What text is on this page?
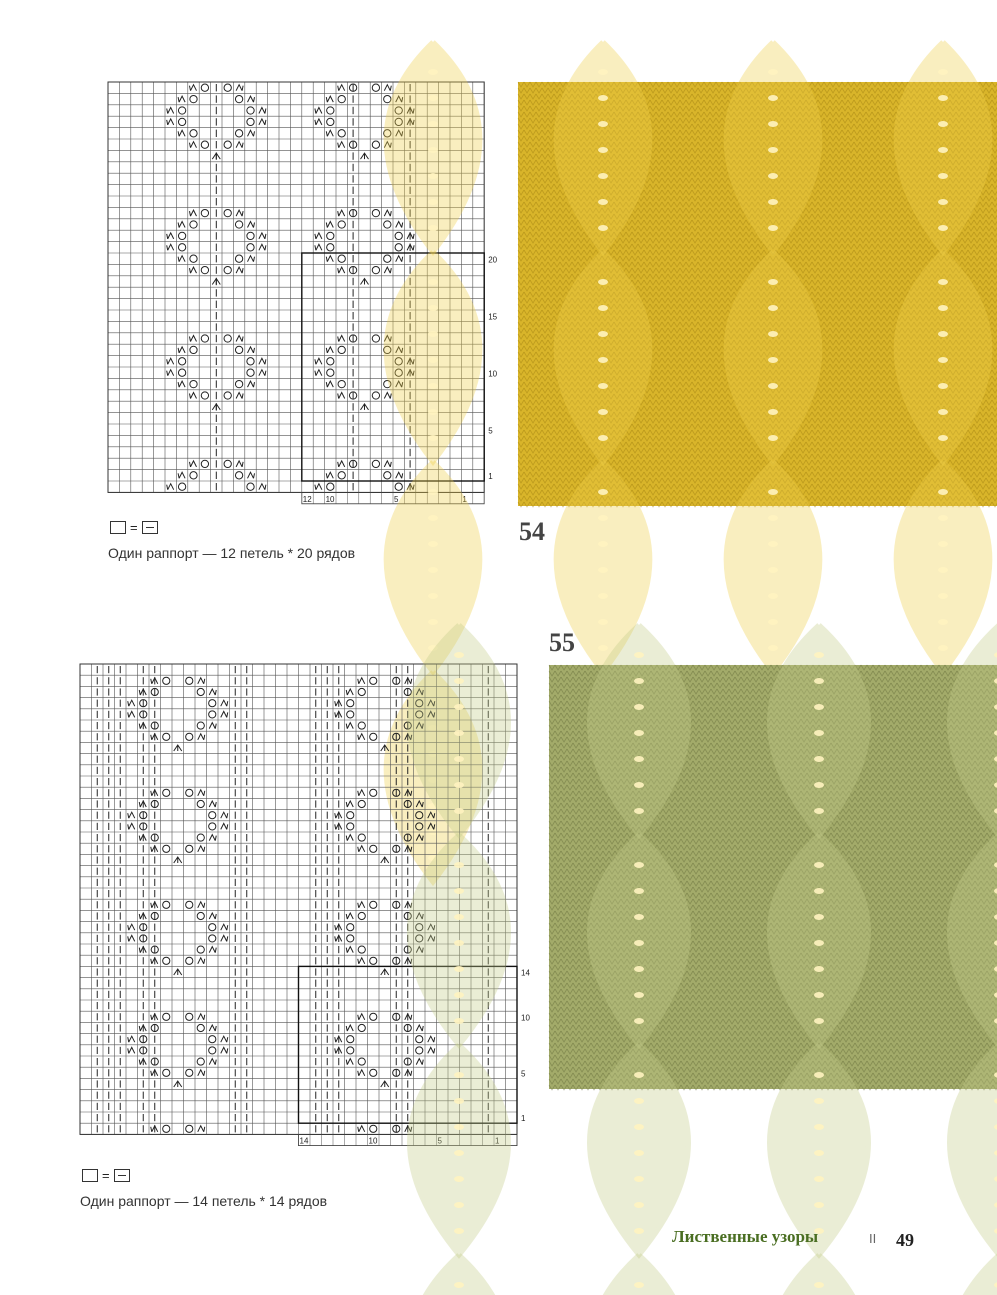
20
15
10
5
1
12 10	5	1
=
Один раппорт — 12 петель * 20 рядов
54
55
14
10
5
1
14	10	5	1
=
Один раппорт — 14 петель * 14 рядов
Лиственные узоры	II 49
